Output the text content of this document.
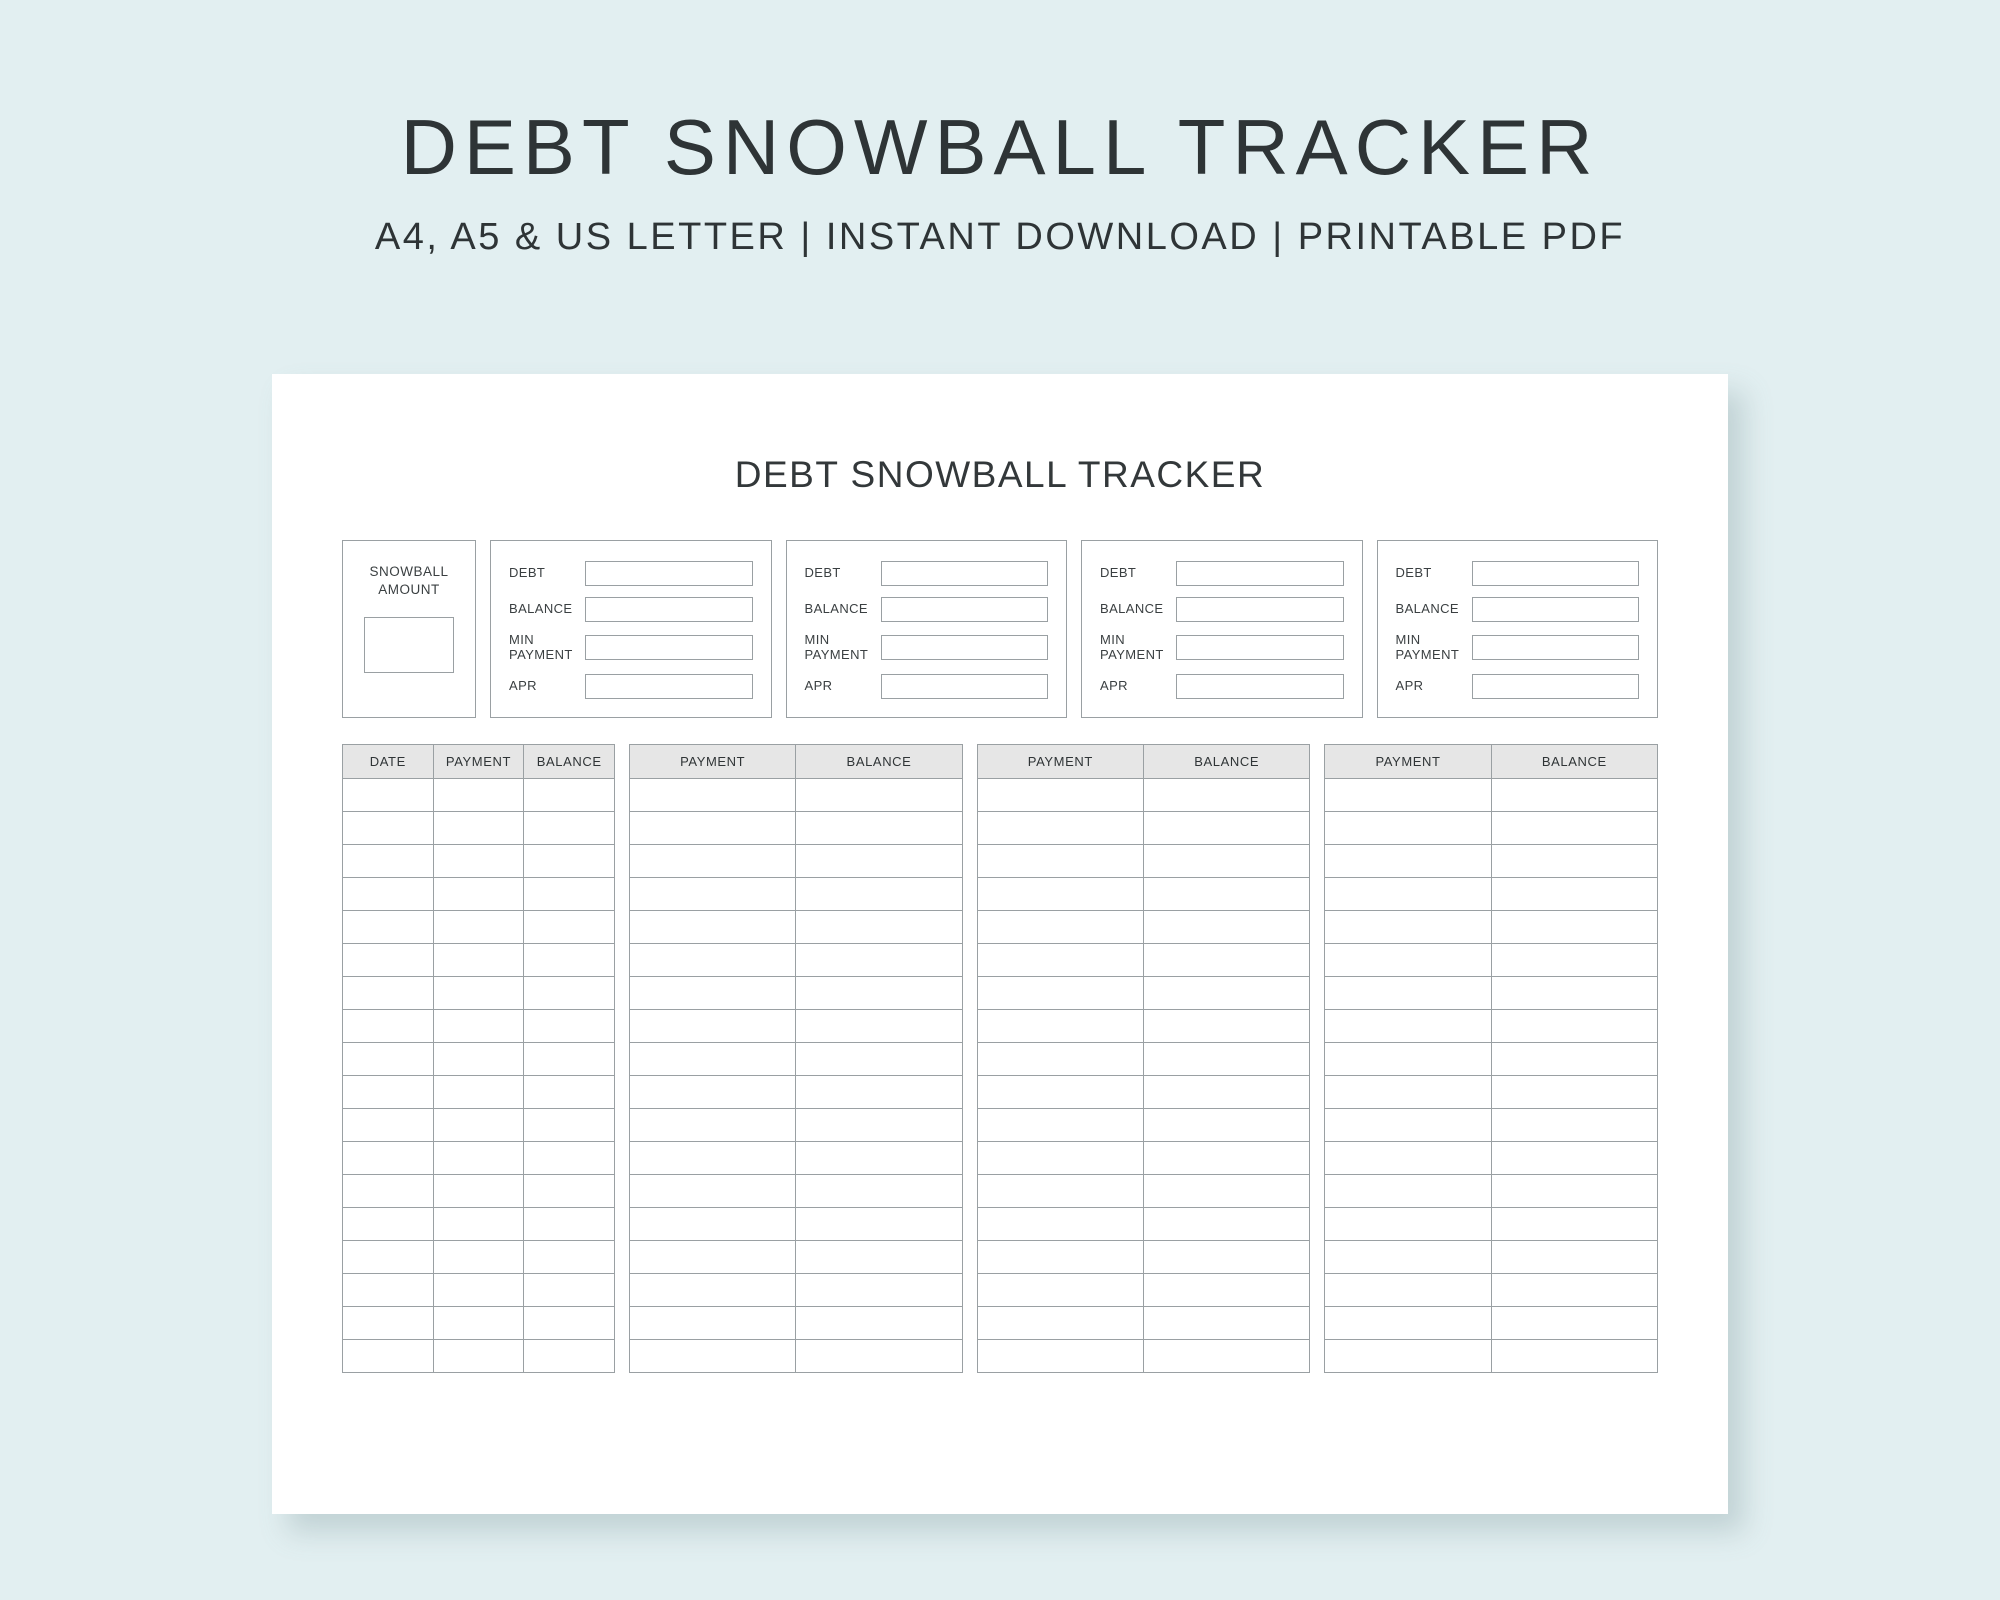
DEBT SNOWBALL TRACKER
A4, A5 & US LETTER | INSTANT DOWNLOAD | PRINTABLE PDF
DEBT SNOWBALL TRACKER
SNOWBALL
AMOUNT
DEBT
BALANCE
MIN
PAYMENT
APR
DEBT
BALANCE
MIN
PAYMENT
APR
DEBT
BALANCE
MIN
PAYMENT
APR
DEBT
BALANCE
MIN
PAYMENT
APR
DATE	PAYMENT	BALANCE

			PAYMENT	BALANCE

		PAYMENT	BALANCE

		PAYMENT	BALANCE
